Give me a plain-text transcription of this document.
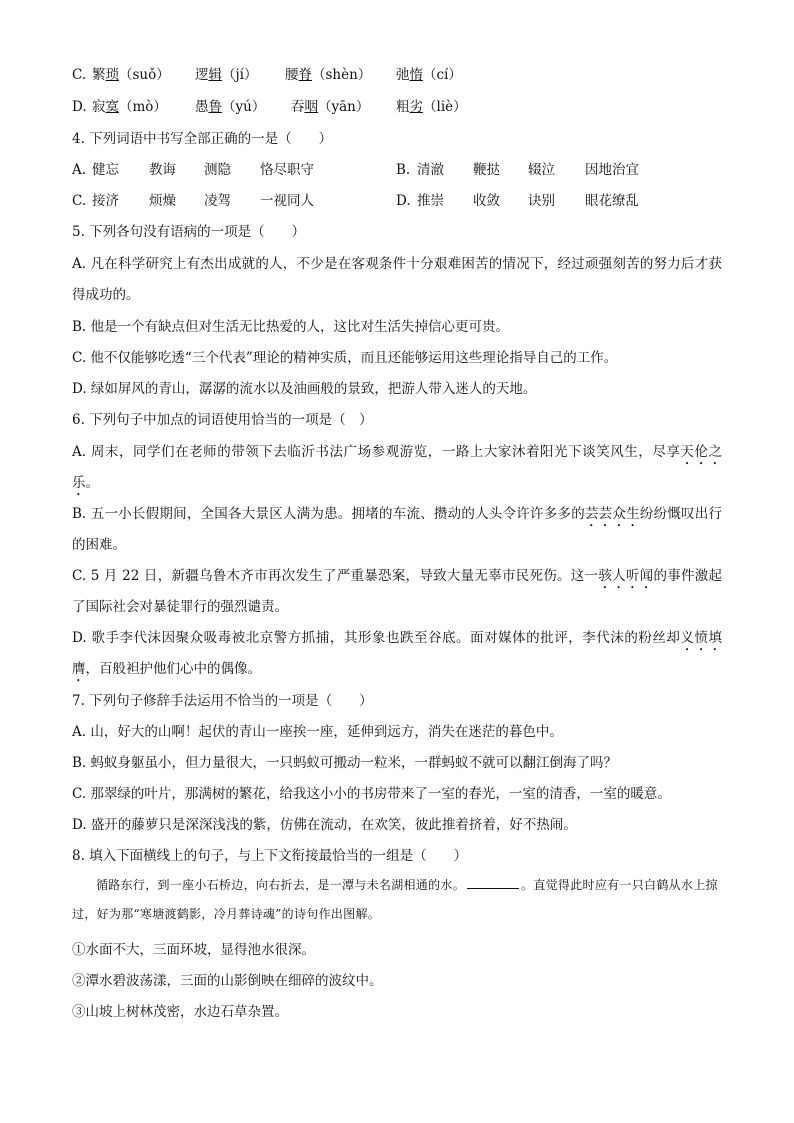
C. 繁琐（suǒ） 逻辑（jí） 腰脊（shèn） 弛惰（cí）
D. 寂寞（mò） 愚鲁（yú） 吞咽（yān） 粗劣（liè）
4. 下列词语中书写全部正确的一是（　　）
A. 健忘 教诲 测隐 恪尽职守	B. 清澈 鞭挞 辍泣 因地治宜
C. 接济 烦燥 凌驾 一视同人	D. 推崇 收敛 诀别 眼花缭乱
5. 下列各句没有语病的一项是（　　）
A. 凡在科学研究上有杰出成就的人，不少是在客观条件十分艰难困苦的情况下，经过顽强刻苦的努力后才获得成功的。
B. 他是一个有缺点但对生活无比热爱的人，这比对生活失掉信心更可贵。
C. 他不仅能够吃透“三个代表”理论的精神实质，而且还能够运用这些理论指导自己的工作。
D. 绿如屏风的青山，潺潺的流水以及油画般的景致，把游人带入迷人的天地。
6. 下列句子中加点的词语使用恰当的一项是（　）
A. 周末，同学们在老师的带领下去临沂书法广场参观游览，一路上大家沐着阳光下谈笑风生，尽享天伦之乐。
B. 五一小长假期间，全国各大景区人满为患。拥堵的车流、攒动的人头令许许多多的芸芸众生纷纷慨叹出行的困难。
C. 5 月 22 日，新疆乌鲁木齐市再次发生了严重暴恐案，导致大量无辜市民死伤。这一骇人听闻的事件激起了国际社会对暴徒罪行的强烈谴责。
D. 歌手李代沫因聚众吸毒被北京警方抓捕，其形象也跌至谷底。面对媒体的批评，李代沫的粉丝却义愤填膺，百般袒护他们心中的偶像。
7. 下列句子修辞手法运用不恰当的一项是（　　）
A. 山，好大的山啊！起伏的青山一座挨一座，延伸到远方，消失在迷茫的暮色中。
B. 蚂蚁身躯虽小，但力量很大，一只蚂蚁可搬动一粒米，一群蚂蚁不就可以翻江倒海了吗？
C. 那翠绿的叶片，那满树的繁花，给我这小小的书房带来了一室的春光，一室的清香，一室的暖意。
D. 盛开的藤萝只是深深浅浅的紫，仿佛在流动，在欢笑，彼此推着挤着，好不热闹。
8. 填入下面横线上的句子，与上下文衔接最恰当的一组是（　　）
循路东行，到一座小石桥边，向右折去，是一潭与未名湖相通的水。	。直觉得此时应有一只白鹤从水上掠过，好为那“寒塘渡鹤影，冷月葬诗魂”的诗句作出图解。
①水面不大，三面环坡，显得池水很深。
②潭水碧波荡漾，三面的山影倒映在细碎的波纹中。
③山坡上树林茂密，水边石草杂置。
